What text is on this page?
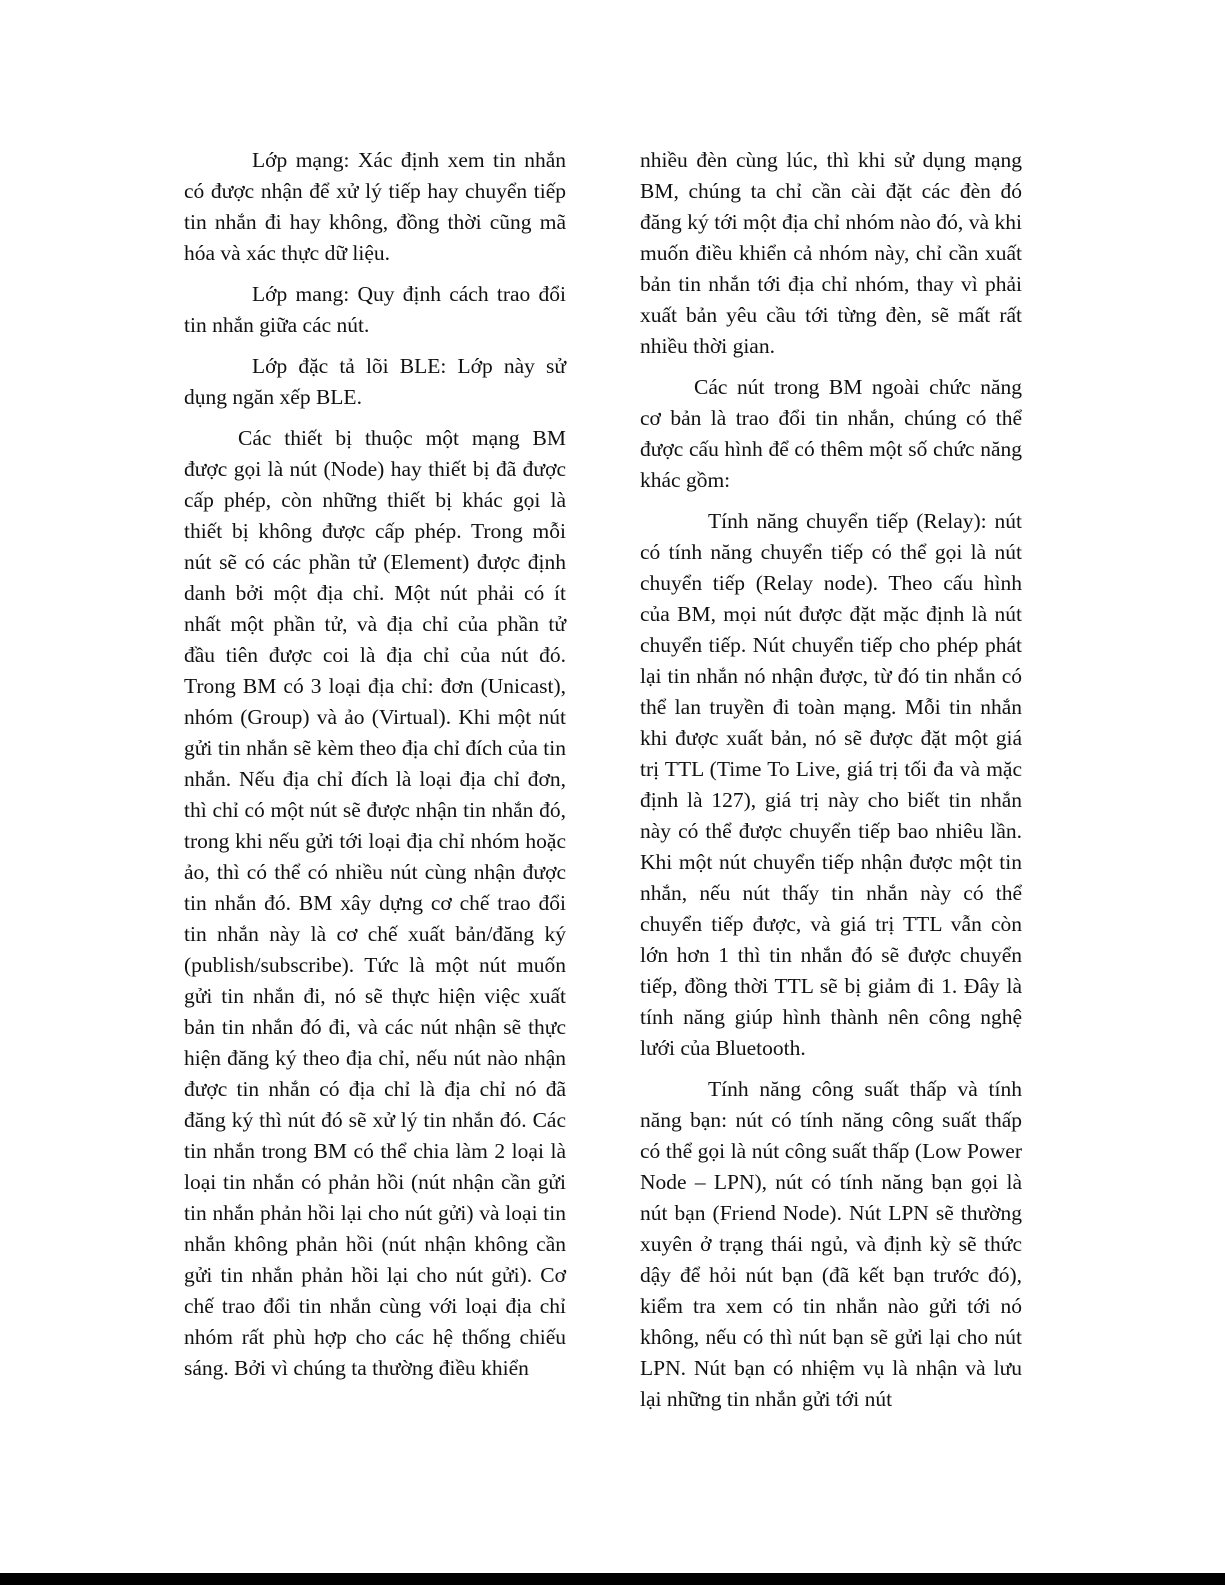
Lớp mạng: Xác định xem tin nhắn có được nhận để xử lý tiếp hay chuyển tiếp tin nhắn đi hay không, đồng thời cũng mã hóa và xác thực dữ liệu.

Lớp mang: Quy định cách trao đổi tin nhắn giữa các nút.

Lớp đặc tả lõi BLE: Lớp này sử dụng ngăn xếp BLE.

Các thiết bị thuộc một mạng BM được gọi là nút (Node) hay thiết bị đã được cấp phép, còn những thiết bị khác gọi là thiết bị không được cấp phép. Trong mỗi nút sẽ có các phần tử (Element) được định danh bởi một địa chỉ. Một nút phải có ít nhất một phần tử, và địa chỉ của phần tử đầu tiên được coi là địa chỉ của nút đó. Trong BM có 3 loại địa chỉ: đơn (Unicast), nhóm (Group) và ảo (Virtual). Khi một nút gửi tin nhắn sẽ kèm theo địa chỉ đích của tin nhắn. Nếu địa chỉ đích là loại địa chỉ đơn, thì chỉ có một nút sẽ được nhận tin nhắn đó, trong khi nếu gửi tới loại địa chỉ nhóm hoặc ảo, thì có thể có nhiều nút cùng nhận được tin nhắn đó. BM xây dựng cơ chế trao đổi tin nhắn này là cơ chế xuất bản/đăng ký (publish/subscribe). Tức là một nút muốn gửi tin nhắn đi, nó sẽ thực hiện việc xuất bản tin nhắn đó đi, và các nút nhận sẽ thực hiện đăng ký theo địa chỉ, nếu nút nào nhận được tin nhắn có địa chỉ là địa chỉ nó đã đăng ký thì nút đó sẽ xử lý tin nhắn đó. Các tin nhắn trong BM có thể chia làm 2 loại là loại tin nhắn có phản hồi (nút nhận cần gửi tin nhắn phản hồi lại cho nút gửi) và loại tin nhắn không phản hồi (nút nhận không cần gửi tin nhắn phản hồi lại cho nút gửi). Cơ chế trao đổi tin nhắn cùng với loại địa chỉ nhóm rất phù hợp cho các hệ thống chiếu sáng. Bởi vì chúng ta thường điều khiển

nhiều đèn cùng lúc, thì khi sử dụng mạng BM, chúng ta chỉ cần cài đặt các đèn đó đăng ký tới một địa chỉ nhóm nào đó, và khi muốn điều khiển cả nhóm này, chỉ cần xuất bản tin nhắn tới địa chỉ nhóm, thay vì phải xuất bản yêu cầu tới từng đèn, sẽ mất rất nhiều thời gian.

Các nút trong BM ngoài chức năng cơ bản là trao đổi tin nhắn, chúng có thể được cấu hình để có thêm một số chức năng khác gồm:

Tính năng chuyển tiếp (Relay): nút có tính năng chuyển tiếp có thể gọi là nút chuyển tiếp (Relay node). Theo cấu hình của BM, mọi nút được đặt mặc định là nút chuyển tiếp. Nút chuyển tiếp cho phép phát lại tin nhắn nó nhận được, từ đó tin nhắn có thể lan truyền đi toàn mạng. Mỗi tin nhắn khi được xuất bản, nó sẽ được đặt một giá trị TTL (Time To Live, giá trị tối đa và mặc định là 127), giá trị này cho biết tin nhắn này có thể được chuyển tiếp bao nhiêu lần. Khi một nút chuyển tiếp nhận được một tin nhắn, nếu nút thấy tin nhắn này có thể chuyển tiếp được, và giá trị TTL vẫn còn lớn hơn 1 thì tin nhắn đó sẽ được chuyển tiếp, đồng thời TTL sẽ bị giảm đi 1. Đây là tính năng giúp hình thành nên công nghệ lưới của Bluetooth.

Tính năng công suất thấp và tính năng bạn: nút có tính năng công suất thấp có thể gọi là nút công suất thấp (Low Power Node – LPN), nút có tính năng bạn gọi là nút bạn (Friend Node). Nút LPN sẽ thường xuyên ở trạng thái ngủ, và định kỳ sẽ thức dậy để hỏi nút bạn (đã kết bạn trước đó), kiểm tra xem có tin nhắn nào gửi tới nó không, nếu có thì nút bạn sẽ gửi lại cho nút LPN. Nút bạn có nhiệm vụ là nhận và lưu lại những tin nhắn gửi tới nút
